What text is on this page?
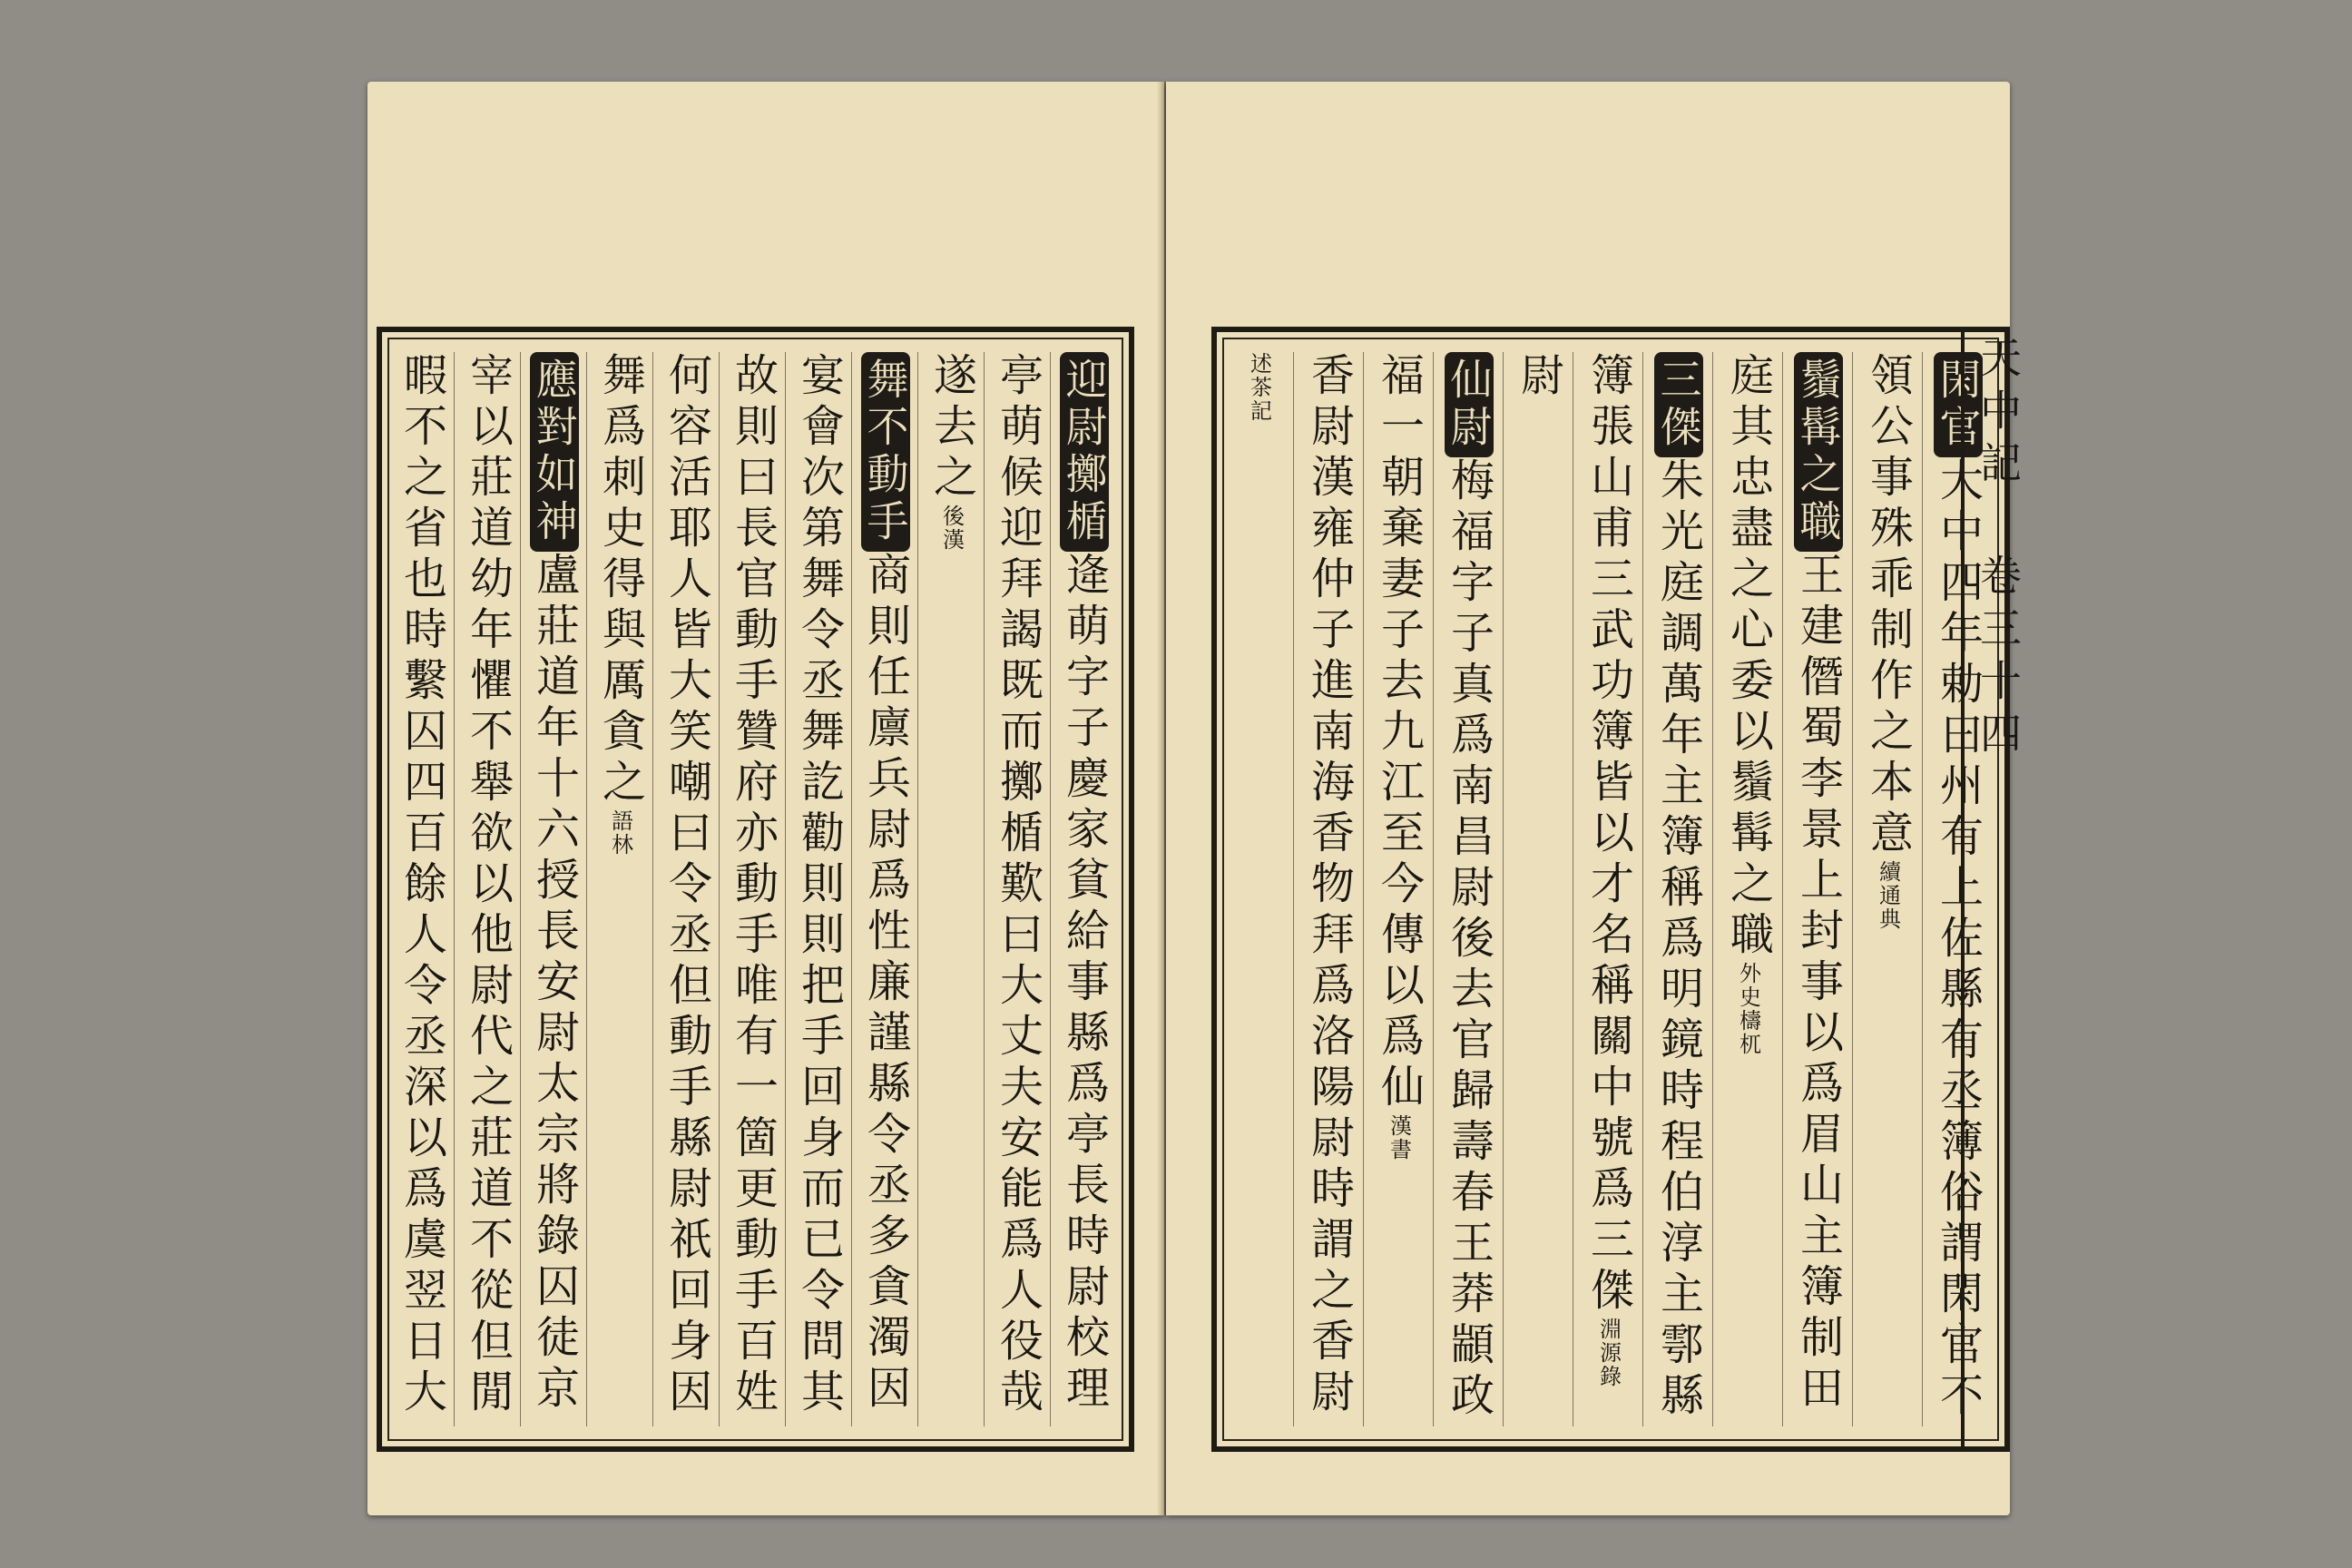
迎尉擲楯逄萌字子慶家貧給事縣爲亭長時尉校理
亭萌候迎拜謁既而擲楯歎曰大丈夫安能爲人役哉
遂去之後漢
舞不動手商則任廪兵尉爲性廉謹縣令丞多貪濁因
宴會次第舞令丞舞訖勸則則把手回身而已令問其
故則曰長官動手贊府亦動手唯有一箇更動手百姓
何容活耶人皆大笑嘲曰令丞但動手縣尉祇回身因
舞爲刺史得與厲貪之語林
應對如神盧莊道年十六授長安尉太宗將錄囚徒京
宰以莊道幼年懼不舉欲以他尉代之莊道不從但閒
暇不之省也時繫囚四百餘人令丞深以爲虞翌日大	閑官大中四年勅曰州有上佐縣有丞簿俗謂閑官不
領公事殊乖制作之本意續通典
鬚髯之職王建僭蜀李景上封事以爲眉山主簿制田
庭其忠盡之心委以鬚髯之職外史檮杌
三傑朱光庭調萬年主簿稱爲明鏡時程伯淳主鄠縣
簿張山甫三武功簿皆以才名稱關中號爲三傑淵源錄
尉
仙尉梅福字子真爲南昌尉後去官歸壽春王莽顓政
福一朝棄妻子去九江至今傳以爲仙漢書
香尉漢雍仲子進南海香物拜爲洛陽尉時謂之香尉
述茶記	天中記 卷三十四
